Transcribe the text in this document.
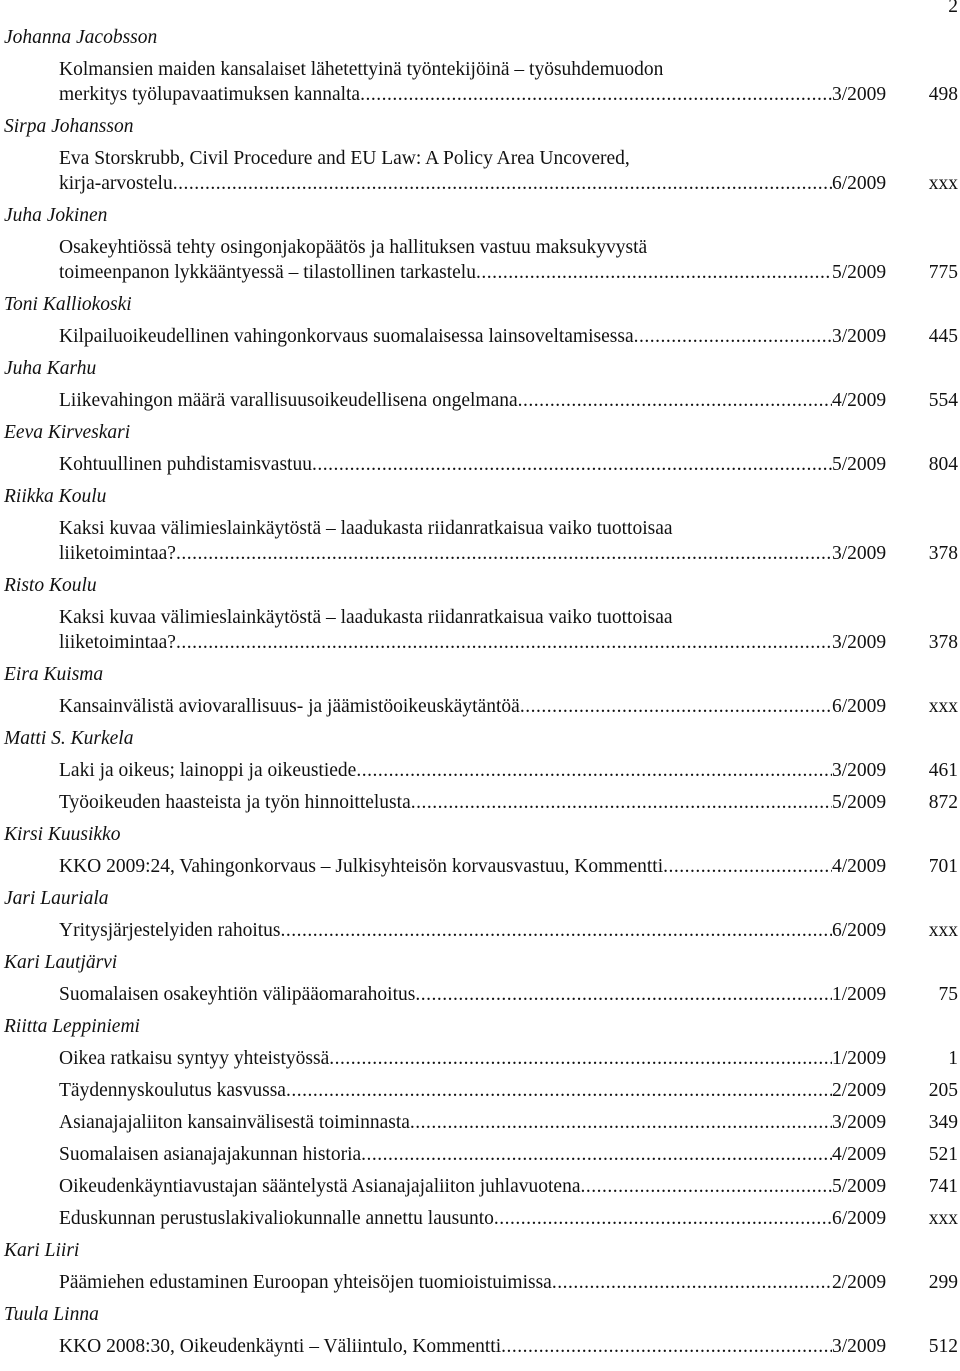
2
Johanna Jacobsson
Kolmansien maiden kansalaiset lähetettyinä työntekijöinä – työsuhdemuodon
merkitys työlupavaatimuksen kannalta .....	3/2009	498
Sirpa Johansson
Eva Storskrubb, Civil Procedure and EU Law: A Policy Area Uncovered,
kirja-arvostelu .....	6/2009	xxx
Juha Jokinen
Osakeyhtiössä tehty osingonjakopäätös ja hallituksen vastuu maksukyvystä
toimeenpanon lykkääntyessä – tilastollinen tarkastelu .....	5/2009	775
Toni Kalliokoski
Kilpailuoikeudellinen vahingonkorvaus suomalaisessa lainsoveltamisessa .....	3/2009	445
Juha Karhu
Liikevahingon määrä varallisuusoikeudellisena ongelmana .....	4/2009	554
Eeva Kirveskari
Kohtuullinen puhdistamisvastuu .....	5/2009	804
Riikka Koulu
Kaksi kuvaa välimieslainkäytöstä – laadukasta riidanratkaisua vaiko tuottoisaa
liiketoimintaa? .....	3/2009	378
Risto Koulu
Kaksi kuvaa välimieslainkäytöstä – laadukasta riidanratkaisua vaiko tuottoisaa
liiketoimintaa? .....	3/2009	378
Eira Kuisma
Kansainvälistä aviovarallisuus- ja jäämistöoikeuskäytäntöä .....	6/2009	xxx
Matti S. Kurkela
Laki ja oikeus; lainoppi ja oikeustiede .....	3/2009	461
Työoikeuden haasteista ja työn hinnoittelusta .....	5/2009	872
Kirsi Kuusikko
KKO 2009:24, Vahingonkorvaus – Julkisyhteisön korvausvastuu, Kommentti .....	4/2009	701
Jari Lauriala
Yritysjärjestelyiden rahoitus .....	6/2009	xxx
Kari Lautjärvi
Suomalaisen osakeyhtiön välipääomarahoitus .....	1/2009	75
Riitta Leppiniemi
Oikea ratkaisu syntyy yhteistyössä .....	1/2009	1
Täydennyskoulutus kasvussa .....	2/2009	205
Asianajajaliiton kansainvälisestä toiminnasta .....	3/2009	349
Suomalaisen asianajajakunnan historia .....	4/2009	521
Oikeudenkäyntiavustajan sääntelystä Asianajajaliiton juhlavuotena .....	5/2009	741
Eduskunnan perustuslakivaliokunnalle annettu lausunto .....	6/2009	xxx
Kari Liiri
Päämiehen edustaminen Euroopan yhteisöjen tuomioistuimissa .....	2/2009	299
Tuula Linna
KKO 2008:30, Oikeudenkäynti – Väliintulo, Kommentti .....	3/2009	512
